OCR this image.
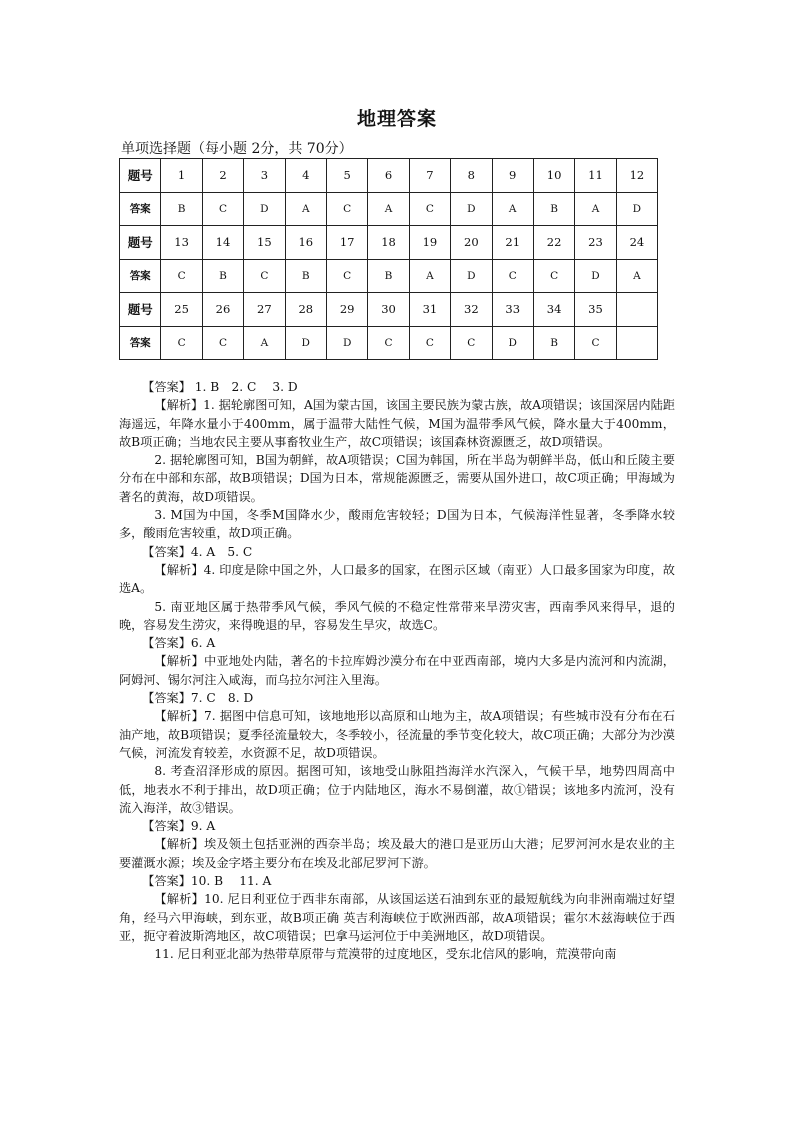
地理答案
单项选择题（每小题 2分，共 70分）
题号	1	2	3	4	5	6	7	8	9	10	11	12
答案	B	C	D	A	C	A	C	D	A	B	A	D
题号	13	14	15	16	17	18	19	20	21	22	23	24
答案	C	B	C	B	C	B	A	D	C	C	D	A
题号	25	26	27	28	29	30	31	32	33	34	35	
答案	C	C	A	D	D	C	C	C	D	B	C	

【答案】 1. B　2. C　 3. D

【解析】1. 据轮廓图可知，A国为蒙古国，该国主要民族为蒙古族，故A项错误；该国深居内陆距海遥远，年降水量小于400mm，属于温带大陆性气候，M国为温带季风气候，降水量大于400mm，故B项正确；当地农民主要从事畜牧业生产，故C项错误；该国森林资源匮乏，故D项错误。

2. 据轮廓图可知，B国为朝鲜，故A项错误；C国为韩国，所在半岛为朝鲜半岛，低山和丘陵主要分布在中部和东部，故B项错误；D国为日本，常规能源匮乏，需要从国外进口，故C项正确；甲海域为著名的黄海，故D项错误。

3. M国为中国，冬季M国降水少，酸雨危害较轻；D国为日本，气候海洋性显著，冬季降水较多，酸雨危害较重，故D项正确。

【答案】4. A　5. C

【解析】4. 印度是除中国之外，人口最多的国家，在图示区域（南亚）人口最多国家为印度，故选A。

5. 南亚地区属于热带季风气候，季风气候的不稳定性常带来旱涝灾害，西南季风来得早，退的晚，容易发生涝灾，来得晚退的早，容易发生旱灾，故选C。

【答案】6. A

【解析】中亚地处内陆，著名的卡拉库姆沙漠分布在中亚西南部，境内大多是内流河和内流湖，阿姆河、锡尔河注入咸海，而乌拉尔河注入里海。

【答案】7. C　8. D

【解析】7. 据图中信息可知，该地地形以高原和山地为主，故A项错误；有些城市没有分布在石油产地，故B项错误；夏季径流量较大，冬季较小，径流量的季节变化较大，故C项正确；大部分为沙漠气候，河流发育较差，水资源不足，故D项错误。

8. 考查沼泽形成的原因。据图可知，该地受山脉阻挡海洋水汽深入，气候干旱，地势四周高中低，地表水不利于排出，故D项正确；位于内陆地区，海水不易倒灌，故①错误；该地多内流河，没有流入海洋，故③错误。

【答案】9. A

【解析】埃及领土包括亚洲的西奈半岛；埃及最大的港口是亚历山大港；尼罗河河水是农业的主要灌溉水源；埃及金字塔主要分布在埃及北部尼罗河下游。

【答案】10. B　 11. A

【解析】10. 尼日利亚位于西非东南部，从该国运送石油到东亚的最短航线为向非洲南端过好望角，经马六甲海峡，到东亚，故B项正确 英吉利海峡位于欧洲西部，故A项错误；霍尔木兹海峡位于西亚，扼守着波斯湾地区，故C项错误；巴拿马运河位于中美洲地区，故D项错误。

11. 尼日利亚北部为热带草原带与荒漠带的过度地区，受东北信风的影响，荒漠带向南
